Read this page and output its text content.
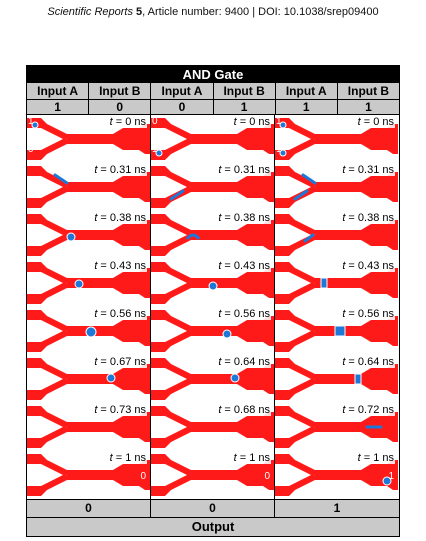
Scientific Reports 5, Article number: 9400 | DOI: 10.1038/srep09400
AND Gate
Input A	Input B	Input A	Input B	Input A	Input B
1	0	0	1	1	1
t = 0 ns
1
0
t = 0.31 ns
t = 0.38 ns
t = 0.43 ns
t = 0.56 ns
t = 0.67 ns
t = 0.73 ns
t = 1 ns
0
t = 0 ns
0
1
t = 0.31 ns
t = 0.38 ns
t = 0.43 ns
t = 0.56 ns
t = 0.64 ns
t = 0.68 ns
t = 1 ns
0
t = 0 ns
1
1
t = 0.31 ns
t = 0.38 ns
t = 0.43 ns
t = 0.56 ns
t = 0.64 ns
t = 0.72 ns
t = 1 ns
1
0	0	1
Output
